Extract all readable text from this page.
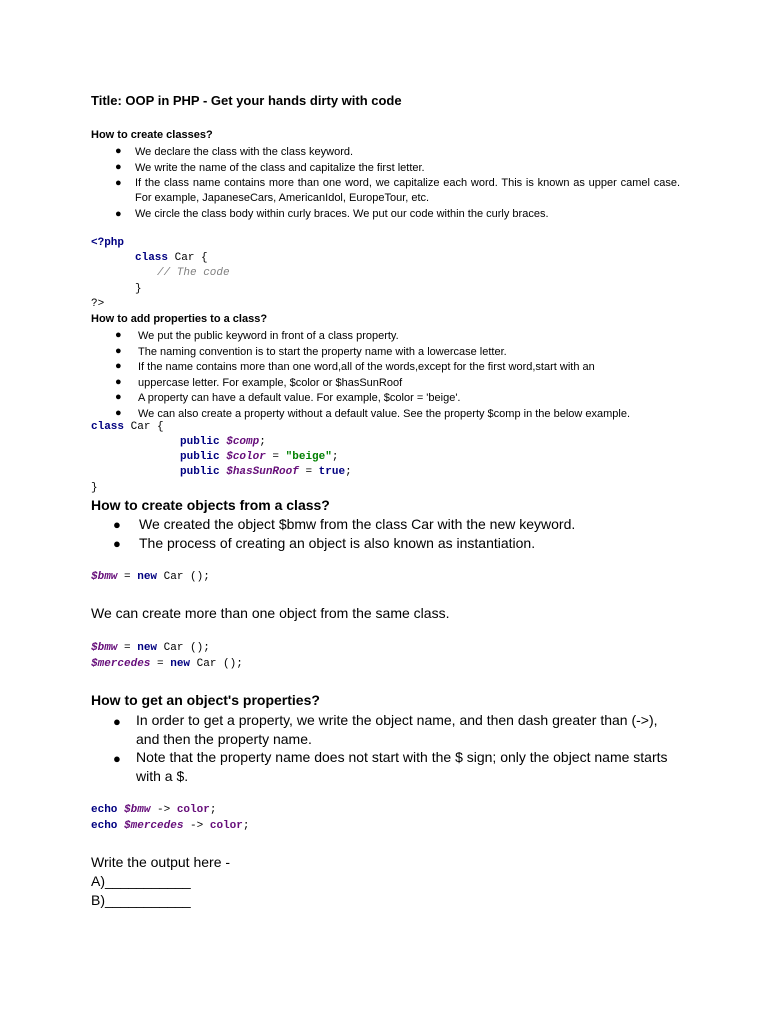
Title: OOP in PHP - Get your hands dirty with code
How to create classes?
● We declare the class with the class keyword.
● We write the name of the class and capitalize the first letter.
● If the class name contains more than one word, we capitalize each word. This is known as upper camel case. For example, JapaneseCars, AmericanIdol, EuropeTour, etc.
● We circle the class body within curly braces. We put our code within the curly braces.
<?php
class Car {
// The code
}
?>
How to add properties to a class?
● We put the public keyword in front of a class property.
● The naming convention is to start the property name with a lowercase letter.
● If the name contains more than one word,all of the words,except for the first word,start with an
● uppercase letter. For example, $color or $hasSunRoof
● A property can have a default value. For example, $color = 'beige'.
● We can also create a property without a default value. See the property $comp in the below example.
class Car {
public $comp;
public $color = "beige";
public $hasSunRoof = true;
}
How to create objects from a class?
● We created the object $bmw from the class Car with the new keyword.
● The process of creating an object is also known as instantiation.
$bmw = new Car ();
We can create more than one object from the same class.
$bmw = new Car ();
$mercedes = new Car ();
How to get an object's properties?
● In order to get a property, we write the object name, and then dash greater than (->), and then the property name.
● Note that the property name does not start with the $ sign; only the object name starts with a $.
echo $bmw -> color;
echo $mercedes -> color;
Write the output here -
A)___________
B)___________
